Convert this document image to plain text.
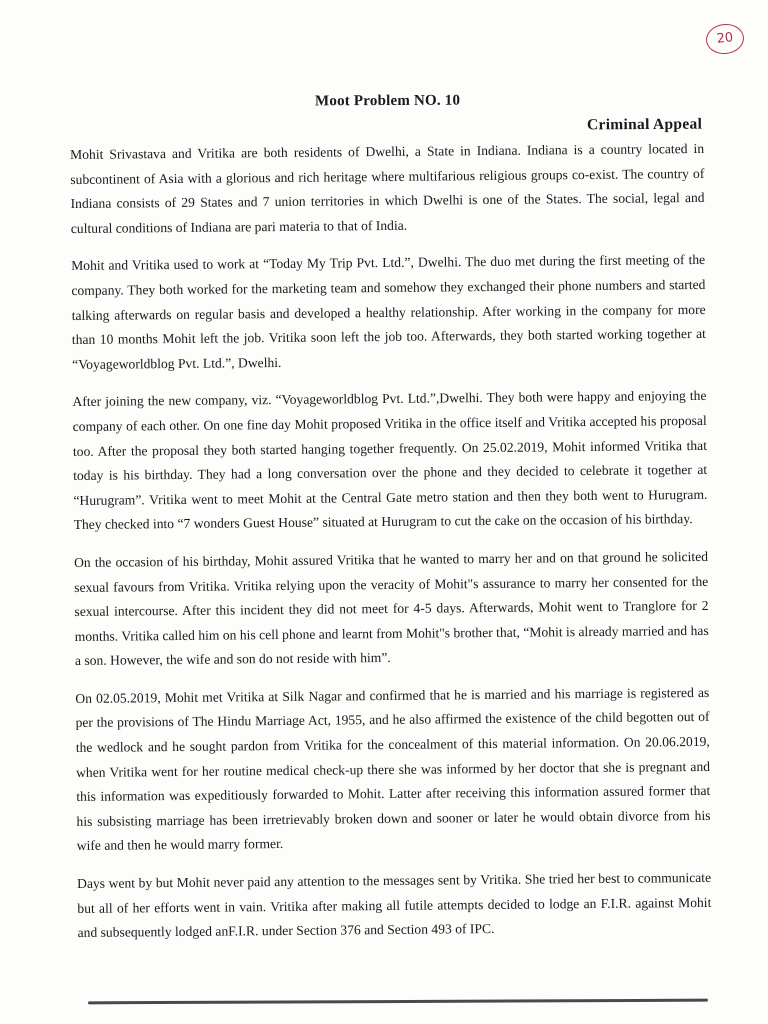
20
Moot Problem NO. 10
Criminal Appeal

Mohit Srivastava and Vritika are both residents of Dwelhi, a State in Indiana. Indiana is a country located in subcontinent of Asia with a glorious and rich heritage where multifarious religious groups co-exist. The country of Indiana consists of 29 States and 7 union territories in which Dwelhi is one of the States. The social, legal and cultural conditions of Indiana are pari materia to that of India.

Mohit and Vritika used to work at “Today My Trip Pvt. Ltd.”, Dwelhi. The duo met during the first meeting of the company. They both worked for the marketing team and somehow they exchanged their phone numbers and started talking afterwards on regular basis and developed a healthy relationship. After working in the company for more than 10 months Mohit left the job. Vritika soon left the job too. Afterwards, they both started working together at “Voyageworldblog Pvt. Ltd.”, Dwelhi.

After joining the new company, viz. “Voyageworldblog Pvt. Ltd.”,Dwelhi. They both were happy and enjoying the company of each other. On one fine day Mohit proposed Vritika in the office itself and Vritika accepted his proposal too. After the proposal they both started hanging together frequently. On 25.02.2019, Mohit informed Vritika that today is his birthday. They had a long conversation over the phone and they decided to celebrate it together at “Hurugram”. Vritika went to meet Mohit at the Central Gate metro station and then they both went to Hurugram. They checked into “7 wonders Guest House” situated at Hurugram to cut the cake on the occasion of his birthday.

On the occasion of his birthday, Mohit assured Vritika that he wanted to marry her and on that ground he solicited sexual favours from Vritika. Vritika relying upon the veracity of Mohit"s assurance to marry her consented for the sexual intercourse. After this incident they did not meet for 4-5 days. Afterwards, Mohit went to Tranglore for 2 months. Vritika called him on his cell phone and learnt from Mohit"s brother that, “Mohit is already married and has a son. However, the wife and son do not reside with him”.

On 02.05.2019, Mohit met Vritika at Silk Nagar and confirmed that he is married and his marriage is registered as per the provisions of The Hindu Marriage Act, 1955, and he also affirmed the existence of the child begotten out of the wedlock and he sought pardon from Vritika for the concealment of this material information. On 20.06.2019, when Vritika went for her routine medical check-up there she was informed by her doctor that she is pregnant and this information was expeditiously forwarded to Mohit. Latter after receiving this information assured former that his subsisting marriage has been irretrievably broken down and sooner or later he would obtain divorce from his wife and then he would marry former.

Days went by but Mohit never paid any attention to the messages sent by Vritika. She tried her best to communicate but all of her efforts went in vain. Vritika after making all futile attempts decided to lodge an F.I.R. against Mohit and subsequently lodged anF.I.R. under Section 376 and Section 493 of IPC.
